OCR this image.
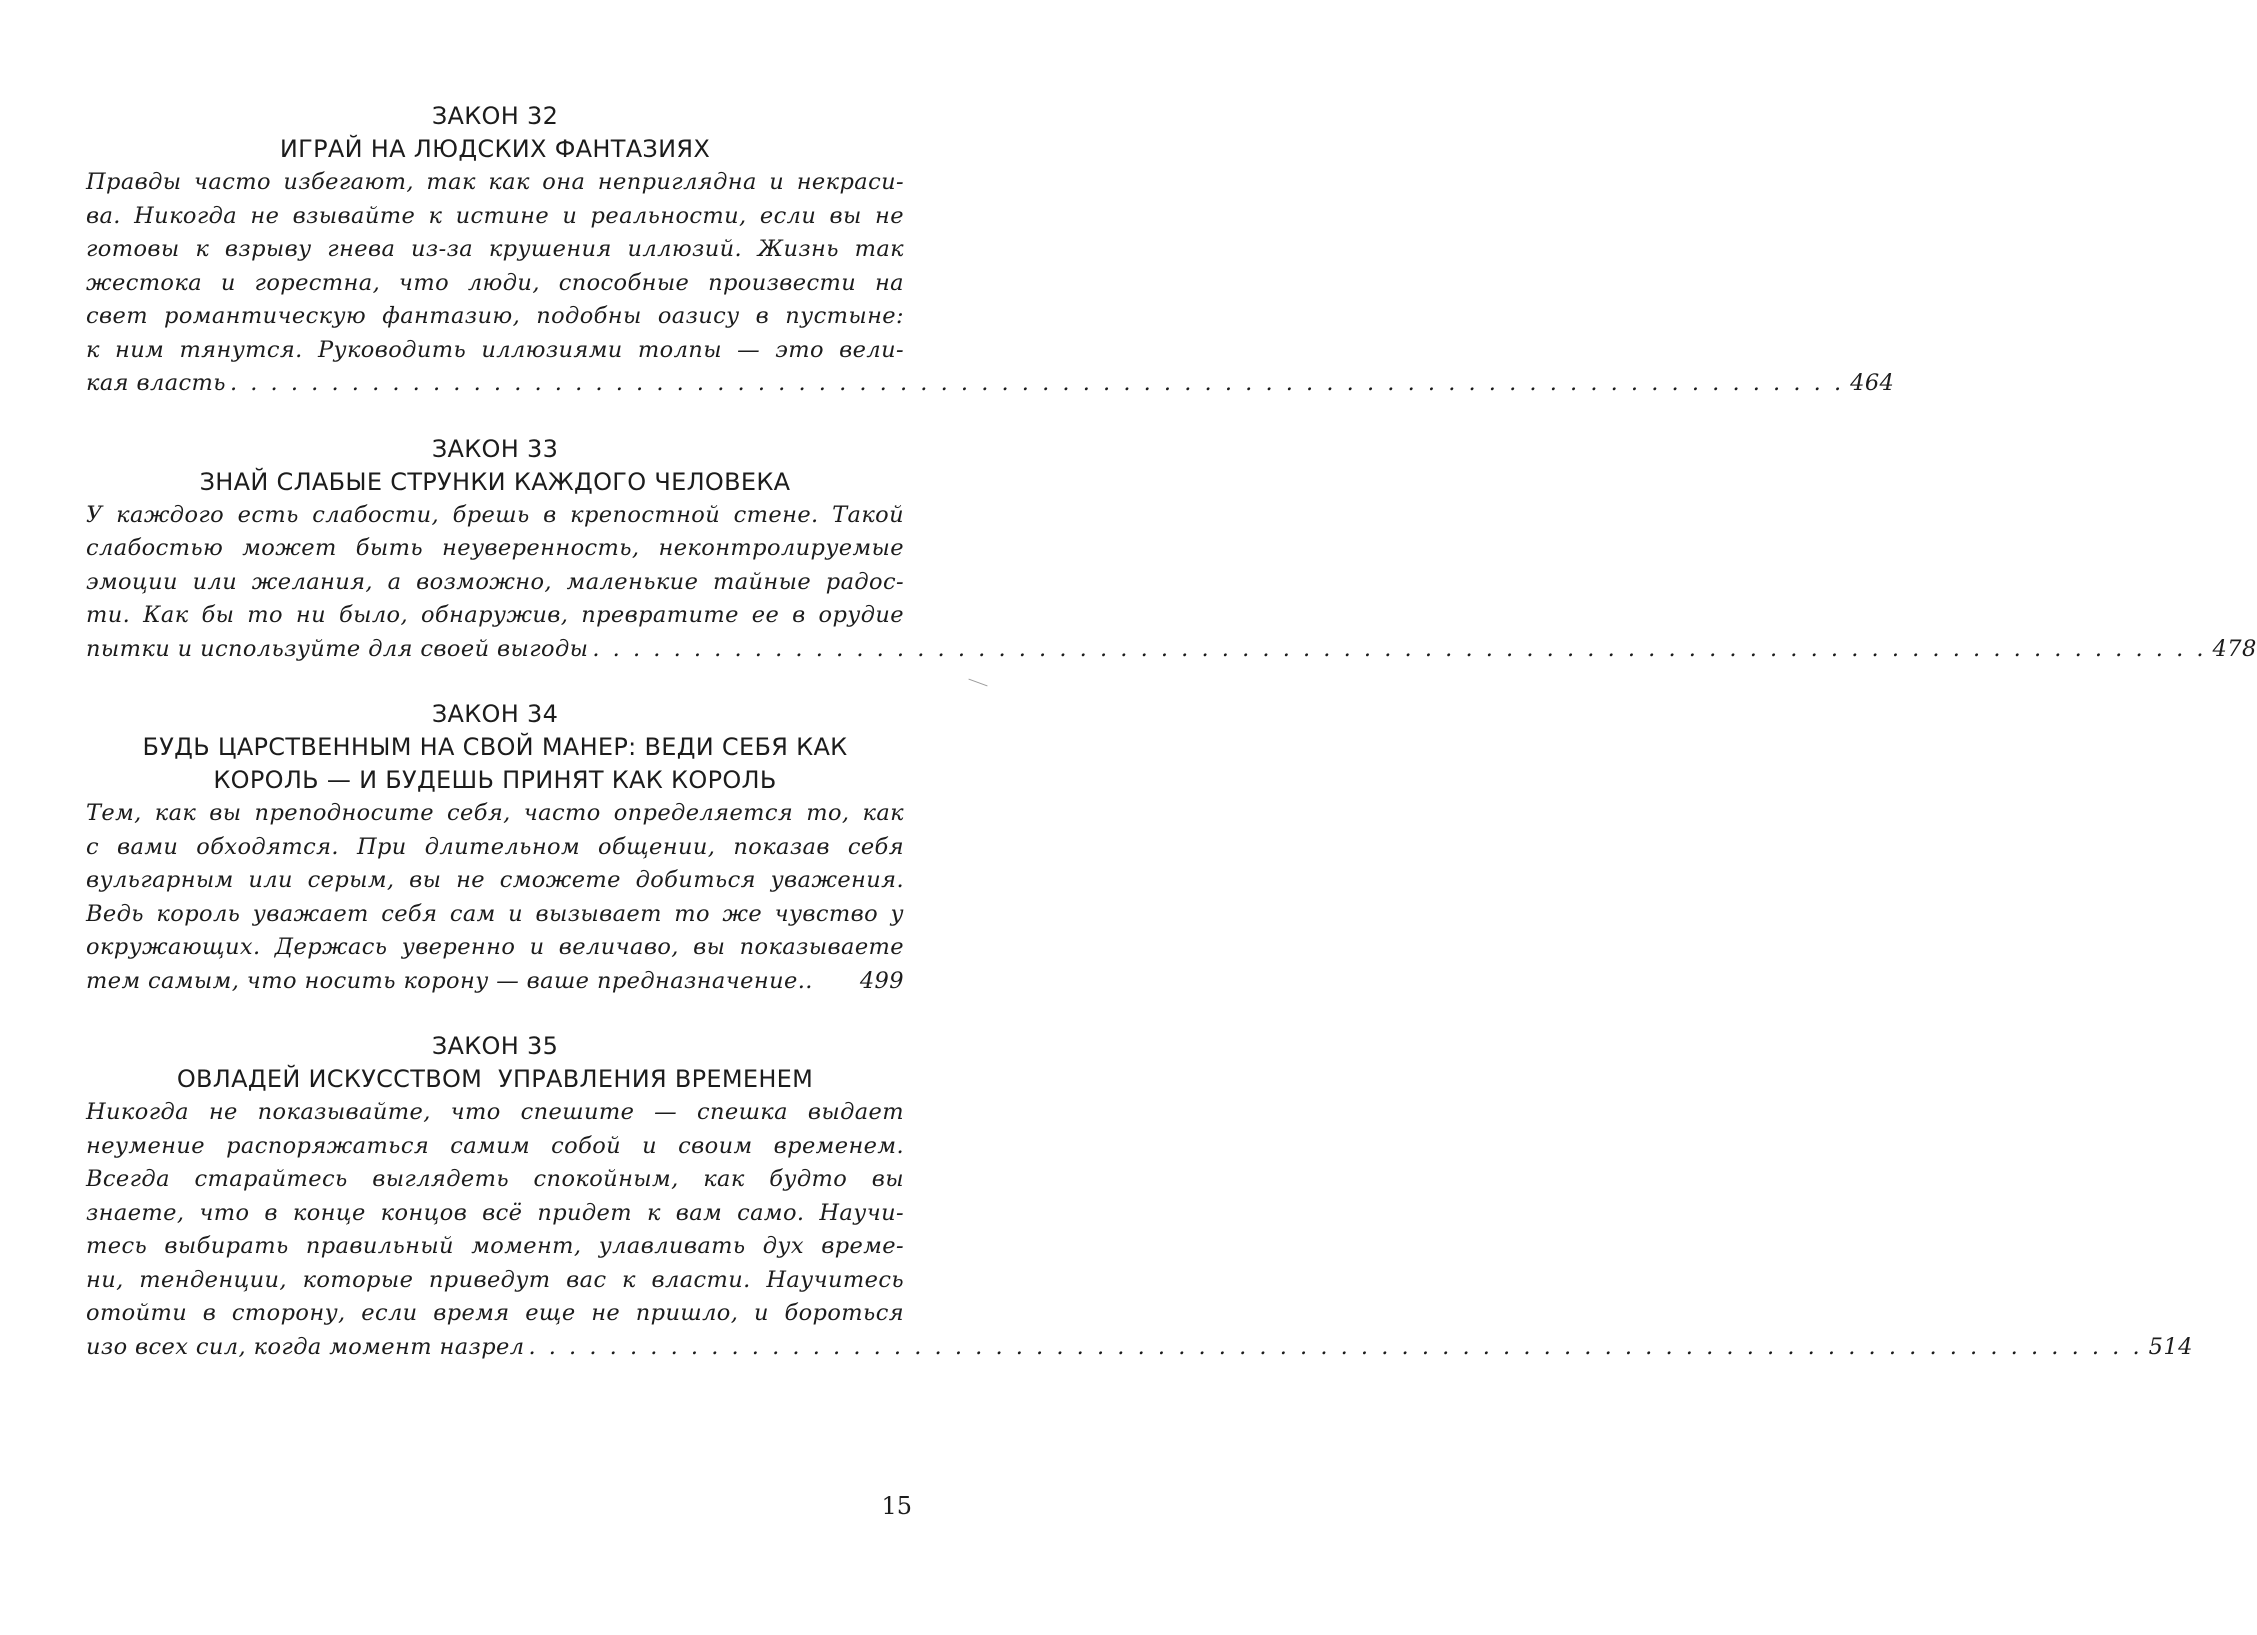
ЗАКОН 32
ИГРАЙ НА ЛЮДСКИХ ФАНТАЗИЯХ
Правды часто избегают, так как она неприглядна и некраси-
ва. Никогда не взывайте к истине и реальности, если вы не
готовы к взрыву гнева из-за крушения иллюзий. Жизнь так
жестока и горестна, что люди, способные произвести на
свет романтическую фантазию, подобны оазису в пустыне:
к ним тянутся. Руководить иллюзиями толпы — это вели-
кая власть . . . . . . . . . . . . . . . . . . . . . . . . . . . . . . . . . . . . . . . . . . . . . . . . . . . . . . . . . . . . . . . . . . . . . . . . . . . . . . . . 464
ЗАКОН 33
ЗНАЙ СЛАБЫЕ СТРУНКИ КАЖДОГО ЧЕЛОВЕКА
У каждого есть слабости, брешь в крепостной стене. Такой
слабостью может быть неуверенность, неконтролируемые
эмоции или желания, а возможно, маленькие тайные радос-
ти. Как бы то ни было, обнаружив, превратите ее в орудие
пытки и используйте для своей выгоды . . . . . . . . . . . . . . . . . . . . . . . . . . . . . . . . . . . . . . . . . . . . . . . . . . . . . . . . . . . . . . . . . . . . . . . . . . . . . . . . 478
ЗАКОН 34
БУДЬ ЦАРСТВЕННЫМ НА СВОЙ МАНЕР: ВЕДИ СЕБЯ КАК
КОРОЛЬ — И БУДЕШЬ ПРИНЯТ КАК КОРОЛЬ
Тем, как вы преподносите себя, часто определяется то, как
с вами обходятся. При длительном общении, показав себя
вульгарным или серым, вы не сможете добиться уважения.
Ведь король уважает себя сам и вызывает то же чувство у
окружающих. Держась уверенно и величаво, вы показываете
тем самым, что носить корону — ваше предназначение.. 499
ЗАКОН 35
ОВЛАДЕЙ ИСКУССТВОМ  УПРАВЛЕНИЯ ВРЕМЕНЕМ
Никогда не показывайте, что спешите — спешка выдает
неумение распоряжаться самим собой и своим временем.
Всегда старайтесь выглядеть спокойным, как будто вы
знаете, что в конце концов всё придет к вам само. Научи-
тесь выбирать правильный момент, улавливать дух време-
ни, тенденции, которые приведут вас к власти. Научитесь
отойти в сторону, если время еще не пришло, и бороться
изо всех сил, когда момент назрел . . . . . . . . . . . . . . . . . . . . . . . . . . . . . . . . . . . . . . . . . . . . . . . . . . . . . . . . . . . . . . . . . . . . . . . . . . . . . . . . 514
15
